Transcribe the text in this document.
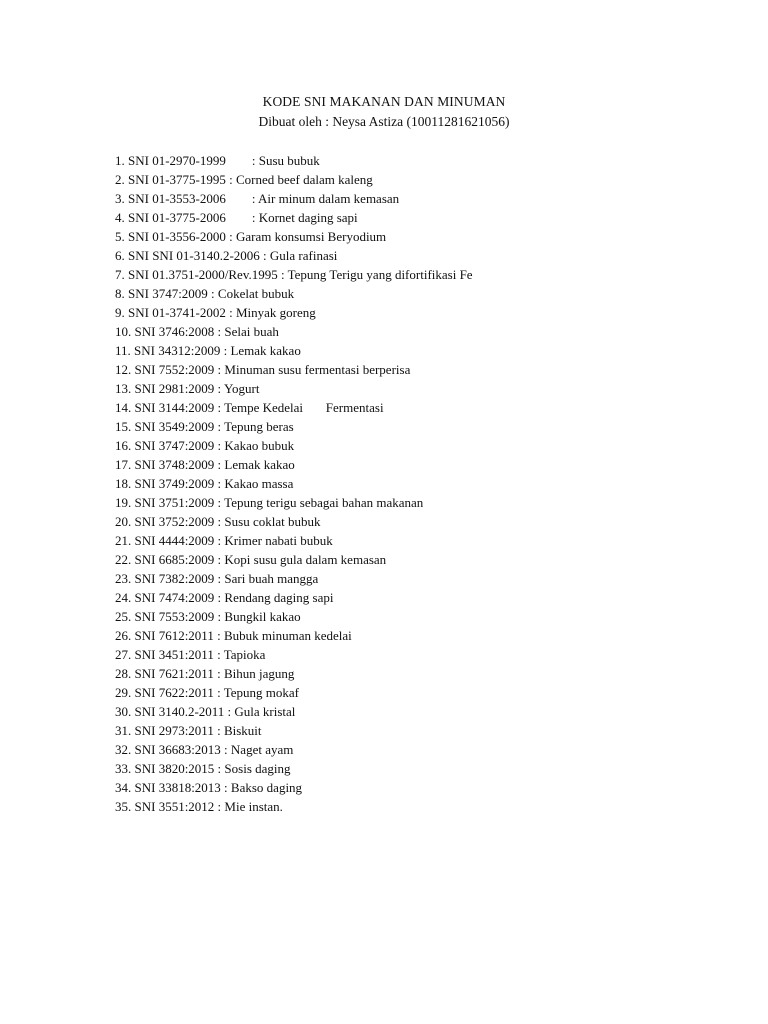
KODE SNI MAKANAN DAN MINUMAN

Dibuat oleh : Neysa Astiza (10011281621056)

1. SNI 01-2970-1999        : Susu bubuk
2. SNI 01-3775-1995 : Corned beef dalam kaleng
3. SNI 01-3553-2006        : Air minum dalam kemasan
4. SNI 01-3775-2006        : Kornet daging sapi
5. SNI 01-3556-2000 : Garam konsumsi Beryodium
6. SNI SNI 01-3140.2-2006 : Gula rafinasi
7. SNI 01.3751-2000/Rev.1995 : Tepung Terigu yang difortifikasi Fe
8. SNI 3747:2009 : Cokelat bubuk
9. SNI 01-3741-2002 : Minyak goreng
10. SNI 3746:2008 : Selai buah
11. SNI 34312:2009 : Lemak kakao
12. SNI 7552:2009 : Minuman susu fermentasi berperisa
13. SNI 2981:2009 : Yogurt
14. SNI 3144:2009 : Tempe Kedelai       Fermentasi
15. SNI 3549:2009 : Tepung beras
16. SNI 3747:2009 : Kakao bubuk
17. SNI 3748:2009 : Lemak kakao
18. SNI 3749:2009 : Kakao massa
19. SNI 3751:2009 : Tepung terigu sebagai bahan makanan
20. SNI 3752:2009 : Susu coklat bubuk
21. SNI 4444:2009 : Krimer nabati bubuk
22. SNI 6685:2009 : Kopi susu gula dalam kemasan
23. SNI 7382:2009 : Sari buah mangga
24. SNI 7474:2009 : Rendang daging sapi
25. SNI 7553:2009 : Bungkil kakao
26. SNI 7612:2011 : Bubuk minuman kedelai
27. SNI 3451:2011 : Tapioka
28. SNI 7621:2011 : Bihun jagung
29. SNI 7622:2011 : Tepung mokaf
30. SNI 3140.2-2011 : Gula kristal
31. SNI 2973:2011 : Biskuit
32. SNI 36683:2013 : Naget ayam
33. SNI 3820:2015 : Sosis daging
34. SNI 33818:2013 : Bakso daging
35. SNI 3551:2012 : Mie instan.
